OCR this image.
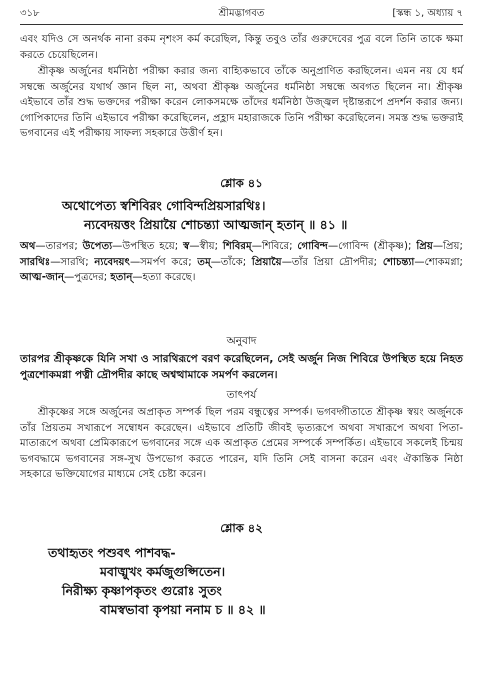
৩১৮	শ্রীমদ্ভাগবত	[স্কন্ধ ১, অধ্যায় ৭
এবং যদিও সে অনর্থক নানা রকম নৃশংস কর্ম করেছিল, কিন্তু তবুও তাঁর গুরুদেবের পুত্র বলে তিনি তাকে ক্ষমা করতে চেয়েছিলেন।
শ্রীকৃষ্ণ অর্জুনের ধর্মনিষ্ঠা পরীক্ষা করার জন্য বাহ্যিকভাবে তাঁকে অনুপ্রাণিত করছিলেন। এমন নয় যে ধর্ম সম্বন্ধে অর্জুনের যথার্থ জ্ঞান ছিল না, অথবা শ্রীকৃষ্ণ অর্জুনের ধর্মনিষ্ঠা সম্বন্ধে অবগত ছিলেন না। শ্রীকৃষ্ণ এইভাবে তাঁর শুদ্ধ ভক্তদের পরীক্ষা করেন লোকসমক্ষে তাঁদের ধর্মনিষ্ঠা উজ্জ্বল দৃষ্টান্তরূপে প্রদর্শন করার জন্য। গোপিকাদের তিনি এইভাবে পরীক্ষা করেছিলেন, প্রহ্লাদ মহারাজকে তিনি পরীক্ষা করেছিলেন। সমস্ত শুদ্ধ ভক্তরাই ভগবানের এই পরীক্ষায় সাফল্য সহকারে উত্তীর্ণ হন।
শ্লোক ৪১
অথোপেত্য স্বশিবিরং গোবিন্দপ্রিয়সারথিঃ।
ন্যবেদয়ত্তং প্রিয়ায়ৈ শোচন্ত্যা আত্মজান্ হতান্ ॥ ৪১ ॥
অথ—তারপর; উপেত্য—উপস্থিত হয়ে; স্ব—স্বীয়; শিবিরম্—শিবিরে; গোবিন্দ—গোবিন্দ (শ্রীকৃষ্ণ); প্রিয়—প্রিয়; সারথিঃ—সারথি; ন্যবেদয়ৎ—সমর্পণ করে; তম্—তাঁকে; প্রিয়ায়ৈ—তাঁর প্রিয়া দ্রৌপদীর; শোচন্ত্যা—শোকমগ্না; আত্ম-জান্—পুত্রদের; হতান্—হত্যা করেছে।
অনুবাদ
তারপর শ্রীকৃষ্ণকে যিনি সখা ও সারথিরূপে বরণ করেছিলেন, সেই অর্জুন নিজ শিবিরে উপস্থিত হয়ে নিহত পুত্রশোকমগ্না পত্নী দ্রৌপদীর কাছে অশ্বত্থামাকে সমর্পণ করলেন।
তাৎপর্য
শ্রীকৃষ্ণের সঙ্গে অর্জুনের অপ্রাকৃত সম্পর্ক ছিল পরম বন্ধুত্বের সম্পর্ক। ভগবদ্গীতাতে শ্রীকৃষ্ণ স্বয়ং অর্জুনকে তাঁর প্রিয়তম সখারূপে সম্বোধন করেছেন। এইভাবে প্রতিটি জীবই ভৃত্যরূপে অথবা সখারূপে অথবা পিতা-মাতারূপে অথবা প্রেমিকারূপে ভগবানের সঙ্গে এক অপ্রাকৃত প্রেমের সম্পর্কে সম্পর্কিত। এইভাবে সকলেই চিন্ময় ভগবদ্ধামে ভগবানের সঙ্গ-সুখ উপভোগ করতে পারেন, যদি তিনি সেই বাসনা করেন এবং ঐকান্তিক নিষ্ঠা সহকারে ভক্তিযোগের মাধ্যমে সেই চেষ্টা করেন।
শ্লোক ৪২
তথাহৃতং পশুবৎ পাশবদ্ধ-
মবাঙ্মুখং কর্মজুগুপ্সিতেন।
নিরীক্ষ্য কৃষ্ণাপকৃতং গুরোঃ সুতং
বামস্বভাবা কৃপয়া ননাম চ ॥ ৪২ ॥
